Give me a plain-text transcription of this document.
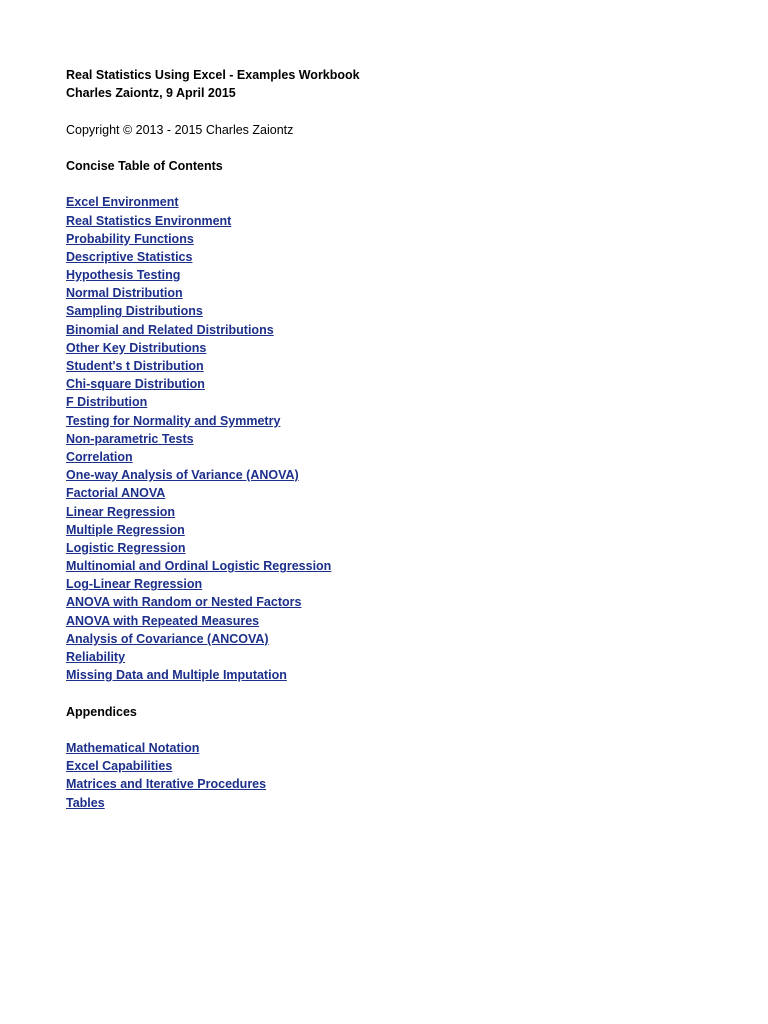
Real Statistics Using Excel - Examples Workbook
Charles Zaiontz, 9 April 2015
Copyright © 2013 - 2015 Charles Zaiontz
Concise Table of Contents
Excel Environment
Real Statistics Environment
Probability Functions
Descriptive Statistics
Hypothesis Testing
Normal Distribution
Sampling Distributions
Binomial and Related Distributions
Other Key Distributions
Student's t Distribution
Chi-square Distribution
F Distribution
Testing for Normality and Symmetry
Non-parametric Tests
Correlation
One-way Analysis of Variance (ANOVA)
Factorial ANOVA
Linear Regression
Multiple Regression
Logistic Regression
Multinomial and Ordinal Logistic Regression
Log-Linear Regression
ANOVA with Random or Nested Factors
ANOVA with Repeated Measures
Analysis of Covariance (ANCOVA)
Reliability
Missing Data and Multiple Imputation
Appendices
Mathematical Notation
Excel Capabilities
Matrices and Iterative Procedures
Tables
